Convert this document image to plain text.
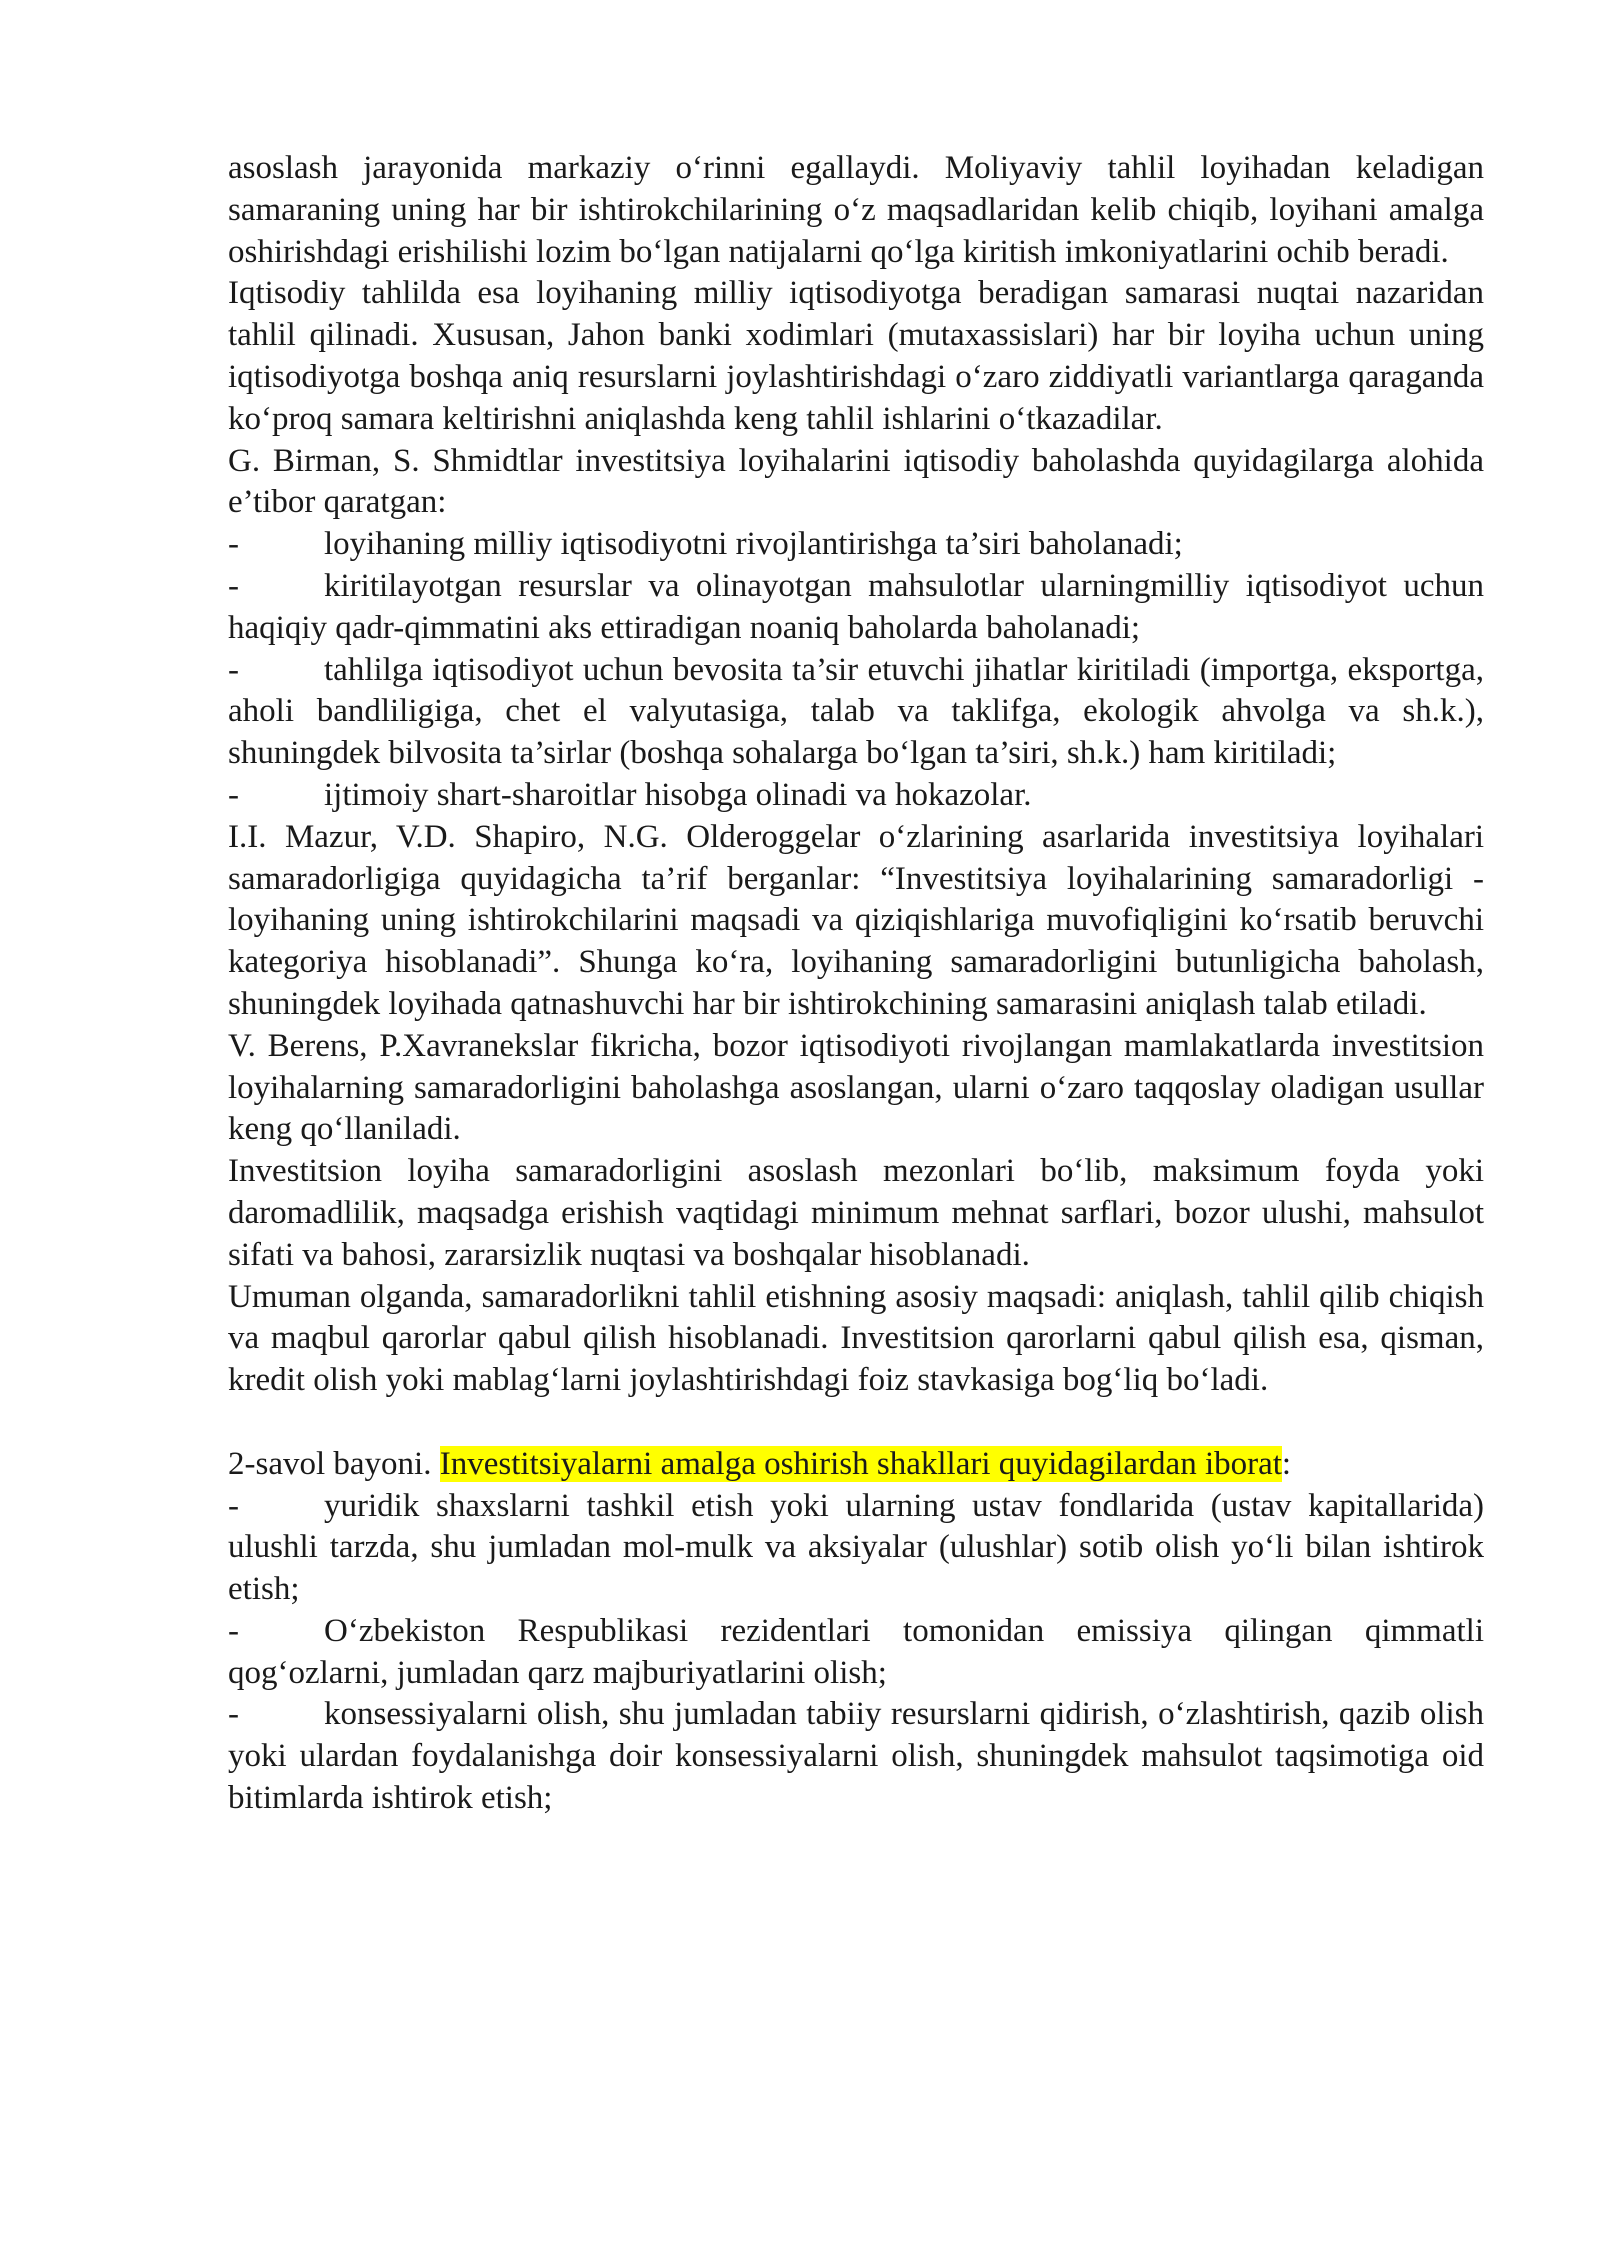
asoslash jarayonida markaziy o‘rinni egallaydi. Moliyaviy tahlil loyihadan keladigan samaraning uning har bir ishtirokchilarining o‘z maqsadlaridan kelib chiqib, loyihani amalga oshirishdagi erishilishi lozim bo‘lgan natijalarni qo‘lga kiritish imkoniyatlarini ochib beradi.

Iqtisodiy tahlilda esa loyihaning milliy iqtisodiyotga beradigan samarasi nuqtai nazaridan tahlil qilinadi. Xususan, Jahon banki xodimlari (mutaxassislari) har bir loyiha uchun uning iqtisodiyotga boshqa aniq resurslarni joylashtirishdagi o‘zaro ziddiyatli variantlarga qaraganda ko‘proq samara keltirishni aniqlashda keng tahlil ishlarini o‘tkazadilar.

G. Birman, S. Shmidtlar investitsiya loyihalarini iqtisodiy baholashda quyidagilarga alohida e’tibor qaratgan:

-	loyihaning milliy iqtisodiyotni rivojlantirishga ta’siri baholanadi;

-	kiritilayotgan resurslar va olinayotgan mahsulotlar ularningmilliy iqtisodiyot uchun haqiqiy qadr-qimmatini aks ettiradigan noaniq baholarda baholanadi;

-	tahlilga iqtisodiyot uchun bevosita ta’sir etuvchi jihatlar kiritiladi (importga, eksportga, aholi bandliligiga, chet el valyutasiga, talab va taklifga, ekologik ahvolga va sh.k.), shuningdek bilvosita ta’sirlar (boshqa sohalarga bo‘lgan ta’siri, sh.k.) ham kiritiladi;

-	ijtimoiy shart-sharoitlar hisobga olinadi va hokazolar.

I.I. Mazur, V.D. Shapiro, N.G. Olderoggelar o‘zlarining asarlarida investitsiya loyihalari samaradorligiga quyidagicha ta’rif berganlar: “Investitsiya loyihalarining samaradorligi - loyihaning uning ishtirokchilarini maqsadi va qiziqishlariga muvofiqligini ko‘rsatib beruvchi kategoriya hisoblanadi”. Shunga ko‘ra, loyihaning samaradorligini butunligicha baholash, shuningdek loyihada qatnashuvchi har bir ishtirokchining samarasini aniqlash talab etiladi.

V. Berens, P.Xavranekslar fikricha, bozor iqtisodiyoti rivojlangan mamlakatlarda investitsion loyihalarning samaradorligini baholashga asoslangan, ularni o‘zaro taqqoslay oladigan usullar keng qo‘llaniladi.

Investitsion loyiha samaradorligini asoslash mezonlari bo‘lib, maksimum foyda yoki daromadlilik, maqsadga erishish vaqtidagi minimum mehnat sarflari, bozor ulushi, mahsulot sifati va bahosi, zararsizlik nuqtasi va boshqalar hisoblanadi.

Umuman olganda, samaradorlikni tahlil etishning asosiy maqsadi: aniqlash, tahlil qilib chiqish va maqbul qarorlar qabul qilish hisoblanadi. Investitsion qarorlarni qabul qilish esa, qisman, kredit olish yoki mablag‘larni joylashtirishdagi foiz stavkasiga bog‘liq bo‘ladi.

2-savol bayoni. Investitsiyalarni amalga oshirish shakllari quyidagilardan iborat:

-	yuridik shaxslarni tashkil etish yoki ularning ustav fondlarida (ustav kapitallarida) ulushli tarzda, shu jumladan mol-mulk va aksiyalar (ulushlar) sotib olish yo‘li bilan ishtirok etish;

-	O‘zbekiston Respublikasi rezidentlari tomonidan emissiya qilingan qimmatli qog‘ozlarni, jumladan qarz majburiyatlarini olish;

-	konsessiyalarni olish, shu jumladan tabiiy resurslarni qidirish, o‘zlashtirish, qazib olish yoki ulardan foydalanishga doir konsessiyalarni olish, shuningdek mahsulot taqsimotiga oid bitimlarda ishtirok etish;
